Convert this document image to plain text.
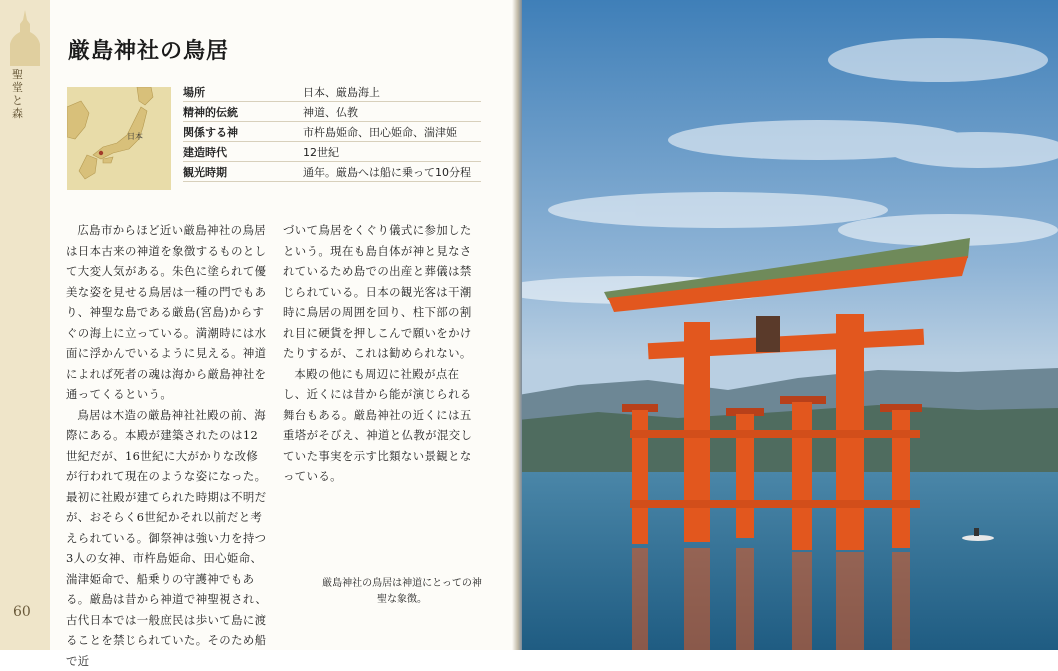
聖堂と森
60
厳島神社の鳥居
日本
場所	日本、厳島海上
精神的伝統	神道、仏教
関係する神	市杵島姫命、田心姫命、湍津姫
建造時代	12世紀
観光時期	通年。厳島へは船に乗って10分程

広島市からほど近い厳島神社の鳥居は日本古来の神道を象徴するものとして大変人気がある。朱色に塗られて優美な姿を見せる鳥居は一種の門でもあり、神聖な島である厳島(宮島)からすぐの海上に立っている。満潮時には水面に浮かんでいるように見える。神道によれば死者の魂は海から厳島神社を通ってくるという。

鳥居は木造の厳島神社社殿の前、海際にある。本殿が建築されたのは12世紀だが、16世紀に大がかりな改修が行われて現在のような姿になった。最初に社殿が建てられた時期は不明だが、おそらく6世紀かそれ以前だと考えられている。御祭神は強い力を持つ3人の女神、市杵島姫命、田心姫命、湍津姫命で、船乗りの守護神でもある。厳島は昔から神道で神聖視され、古代日本では一般庶民は歩いて島に渡ることを禁じられていた。そのため船で近

づいて鳥居をくぐり儀式に参加したという。現在も島自体が神と見なされているため島での出産と葬儀は禁じられている。日本の観光客は干潮時に鳥居の周囲を回り、柱下部の割れ目に硬貨を押しこんで願いをかけたりするが、これは勧められない。

本殿の他にも周辺に社殿が点在し、近くには昔から能が演じられる舞台もある。厳島神社の近くには五重塔がそびえ、神道と仏教が混交していた事実を示す比類ない景観となっている。

厳島神社の鳥居は神道にとっての神聖な象徴。
